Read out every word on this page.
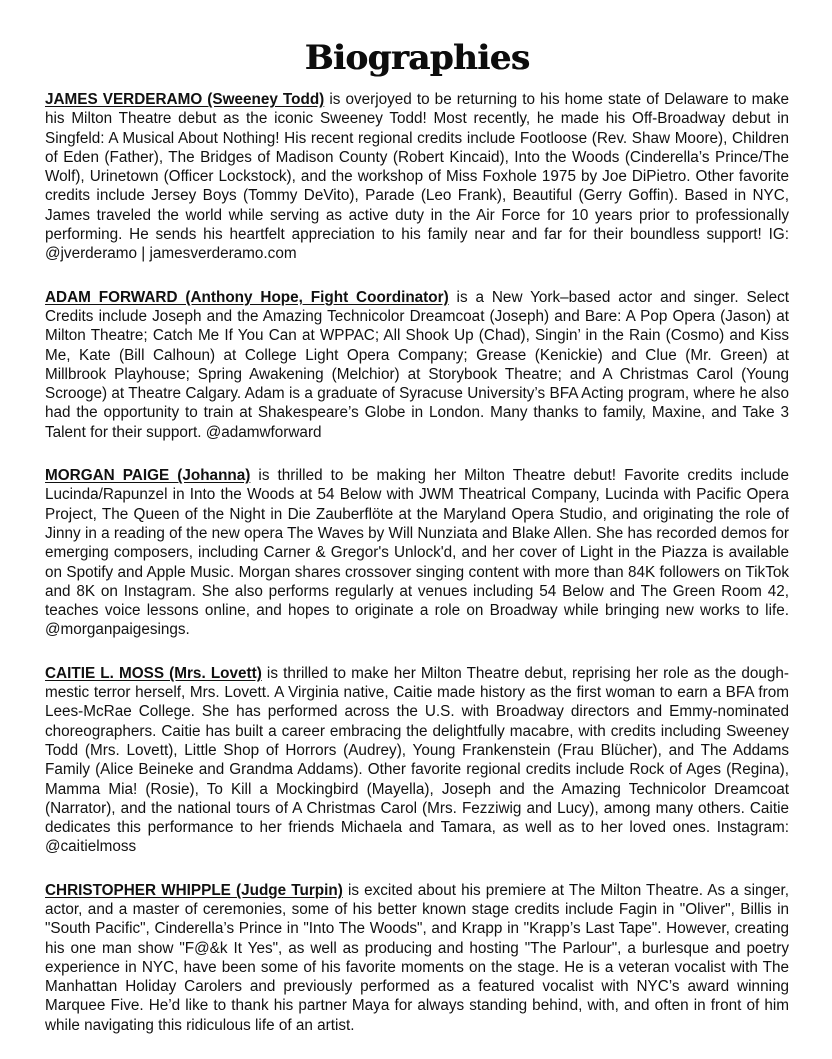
Biographies

JAMES VERDERAMO (Sweeney Todd) is overjoyed to be returning to his home state of Delaware to make his Milton Theatre debut as the iconic Sweeney Todd! Most recently, he made his Off-Broadway debut in Singfeld: A Musical About Nothing! His recent regional credits include Footloose (Rev. Shaw Moore), Children of Eden (Father), The Bridges of Madison County (Robert Kincaid), Into the Woods (Cinderella’s Prince/The Wolf), Urinetown (Officer Lockstock), and the workshop of Miss Foxhole 1975 by Joe DiPietro. Other favorite credits include Jersey Boys (Tommy DeVito), Parade (Leo Frank), Beautiful (Gerry Goffin). Based in NYC, James traveled the world while serving as active duty in the Air Force for 10 years prior to professionally performing. He sends his heartfelt appreciation to his family near and far for their boundless support! IG: @jverderamo | jamesverderamo.com

ADAM FORWARD (Anthony Hope, Fight Coordinator) is a New York–based actor and singer. Select Credits include Joseph and the Amazing Technicolor Dreamcoat (Joseph) and Bare: A Pop Opera (Jason) at Milton Theatre; Catch Me If You Can at WPPAC; All Shook Up (Chad), Singin’ in the Rain (Cosmo) and Kiss Me, Kate (Bill Calhoun) at College Light Opera Company; Grease (Kenickie) and Clue (Mr. Green) at Millbrook Playhouse; Spring Awakening (Melchior) at Storybook Theatre; and A Christmas Carol (Young Scrooge) at Theatre Calgary. Adam is a graduate of Syracuse University’s BFA Acting program, where he also had the opportunity to train at Shakespeare’s Globe in London. Many thanks to family, Maxine, and Take 3 Talent for their support. @adamwforward

MORGAN PAIGE (Johanna) is thrilled to be making her Milton Theatre debut! Favorite credits include Lucinda/Rapunzel in Into the Woods at 54 Below with JWM Theatrical Company, Lucinda with Pacific Opera Project, The Queen of the Night in Die Zauberflöte at the Maryland Opera Studio, and originating the role of Jinny in a reading of the new opera The Waves by Will Nunziata and Blake Allen. She has recorded demos for emerging composers, including Carner & Gregor's Unlock'd, and her cover of Light in the Piazza is available on Spotify and Apple Music. Morgan shares crossover singing content with more than 84K followers on TikTok and 8K on Instagram. She also performs regularly at venues including 54 Below and The Green Room 42, teaches voice lessons online, and hopes to originate a role on Broadway while bringing new works to life. @morganpaigesings.

CAITIE L. MOSS (Mrs. Lovett) is thrilled to make her Milton Theatre debut, reprising her role as the dough-mestic terror herself, Mrs. Lovett. A Virginia native, Caitie made history as the first woman to earn a BFA from Lees-McRae College. She has performed across the U.S. with Broadway directors and Emmy-nominated choreographers. Caitie has built a career embracing the delightfully macabre, with credits including Sweeney Todd (Mrs. Lovett), Little Shop of Horrors (Audrey), Young Frankenstein (Frau Blücher), and The Addams Family (Alice Beineke and Grandma Addams). Other favorite regional credits include Rock of Ages (Regina), Mamma Mia! (Rosie), To Kill a Mockingbird (Mayella), Joseph and the Amazing Technicolor Dreamcoat (Narrator), and the national tours of A Christmas Carol (Mrs. Fezziwig and Lucy), among many others. Caitie dedicates this performance to her friends Michaela and Tamara, as well as to her loved ones. Instagram: @caitielmoss

CHRISTOPHER WHIPPLE (Judge Turpin) is excited about his premiere at The Milton Theatre. As a singer, actor, and a master of ceremonies, some of his better known stage credits include Fagin in "Oliver", Billis in "South Pacific", Cinderella’s Prince in "Into The Woods", and Krapp in "Krapp’s Last Tape". However, creating his one man show "F@&k It Yes", as well as producing and hosting "The Parlour", a burlesque and poetry experience in NYC, have been some of his favorite moments on the stage. He is a veteran vocalist with The Manhattan Holiday Carolers and previously performed as a featured vocalist with NYC’s award winning Marquee Five. He’d like to thank his partner Maya for always standing behind, with, and often in front of him while navigating this ridiculous life of an artist.
